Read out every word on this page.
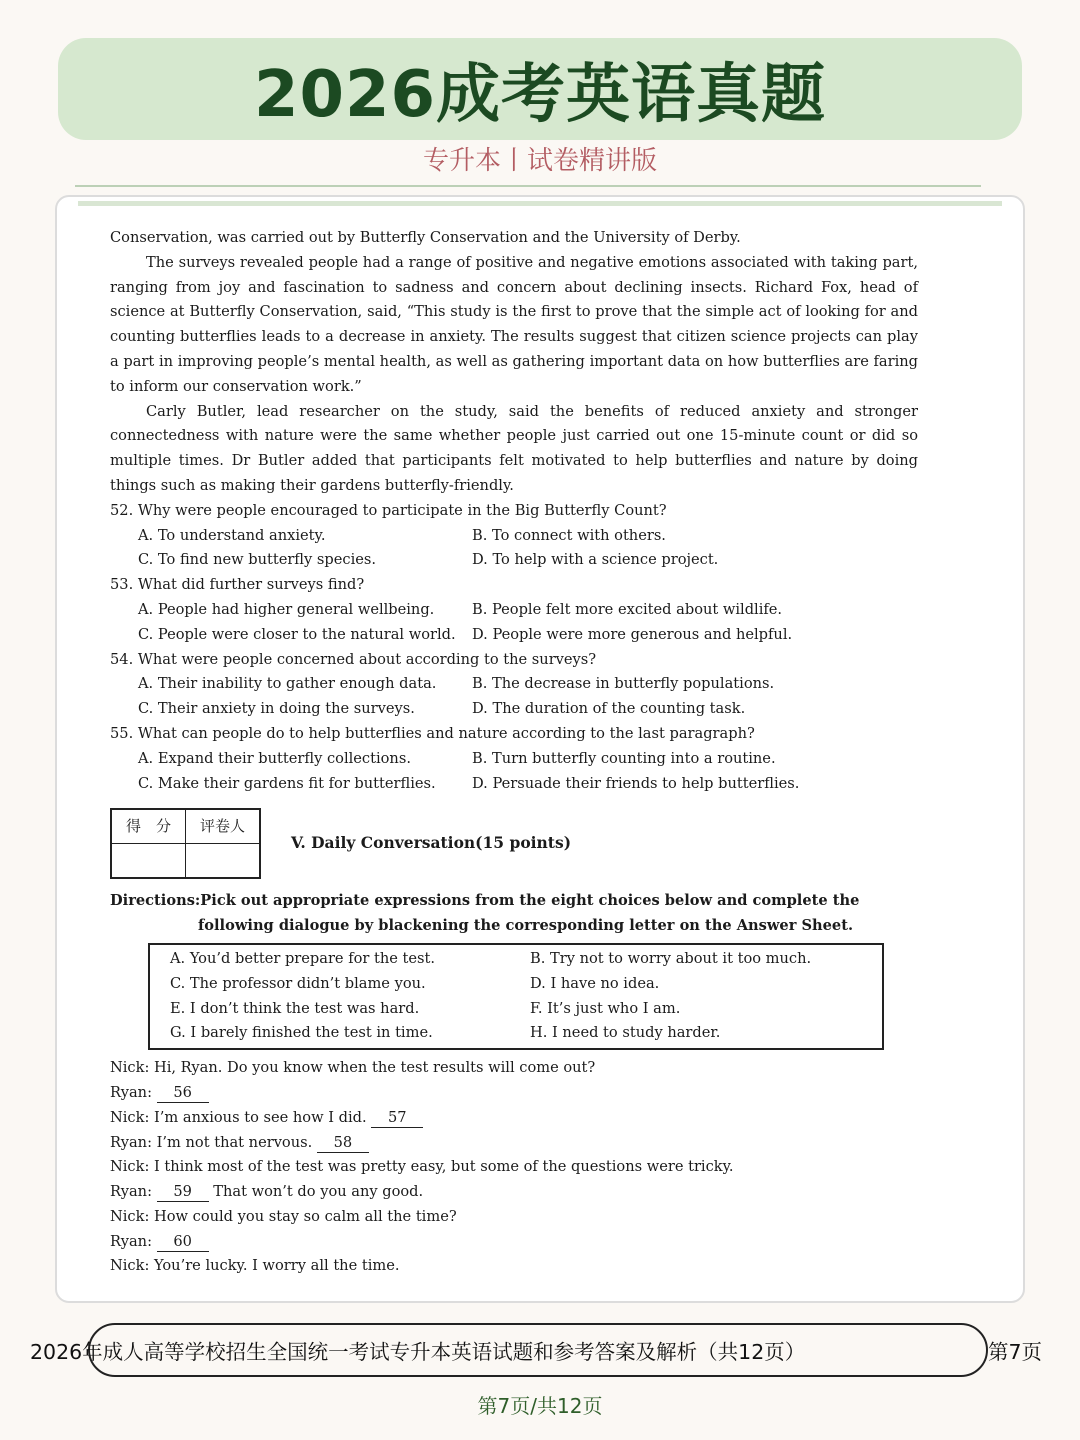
2026成考英语真题
专升本丨试卷精讲版

Conservation, was carried out by Butterfly Conservation and the University of Derby.

The surveys revealed people had a range of positive and negative emotions associated with taking part, ranging from joy and fascination to sadness and concern about declining insects. Richard Fox, head of science at Butterfly Conservation, said, “This study is the first to prove that the simple act of looking for and counting butterflies leads to a decrease in anxiety. The results suggest that citizen science projects can play a part in improving people’s mental health, as well as gathering important data on how butterflies are faring to inform our conservation work.”

Carly Butler, lead researcher on the study, said the benefits of reduced anxiety and stronger connectedness with nature were the same whether people just carried out one 15-minute count or did so multiple times. Dr Butler added that participants felt motivated to help butterflies and nature by doing things such as making their gardens butterfly-friendly.

52. Why were people encouraged to participate in the Big Butterfly Count?

A. To understand anxiety.	B. To connect with others.
C. To find new butterfly species.	D. To help with a science project.

53. What did further surveys find?

A. People had higher general wellbeing.	B. People felt more excited about wildlife.
C. People were closer to the natural world.	D. People were more generous and helpful.

54. What were people concerned about according to the surveys?

A. Their inability to gather enough data.	B. The decrease in butterfly populations.
C. Their anxiety in doing the surveys.	D. The duration of the counting task.

55. What can people do to help butterflies and nature according to the last paragraph?

A. Expand their butterfly collections.	B. Turn butterfly counting into a routine.
C. Make their gardens fit for butterflies.	D. Persuade their friends to help butterflies.
得　分	评卷人

V. Daily Conversation(15 points)

Directions:Pick out appropriate expressions from the eight choices below and complete the

following dialogue by blackening the corresponding letter on the Answer Sheet.

A. You’d better prepare for the test.	B. Try not to worry about it too much.
C. The professor didn’t blame you.	D. I have no idea.
E. I don’t think the test was hard.	F. It’s just who I am.
G. I barely finished the test in time.	H. I need to study harder.

Nick: Hi, Ryan. Do you know when the test results will come out?

Ryan: 56

Nick: I’m anxious to see how I did. 57

Ryan: I’m not that nervous. 58

Nick: I think most of the test was pretty easy, but some of the questions were tricky.

Ryan: 59 That won’t do you any good.

Nick: How could you stay so calm all the time?

Ryan: 60

Nick: You’re lucky. I worry all the time.

2026年成人高等学校招生全国统一考试专升本英语试题和参考答案及解析（共12页）	第7页
第7页/共12页
